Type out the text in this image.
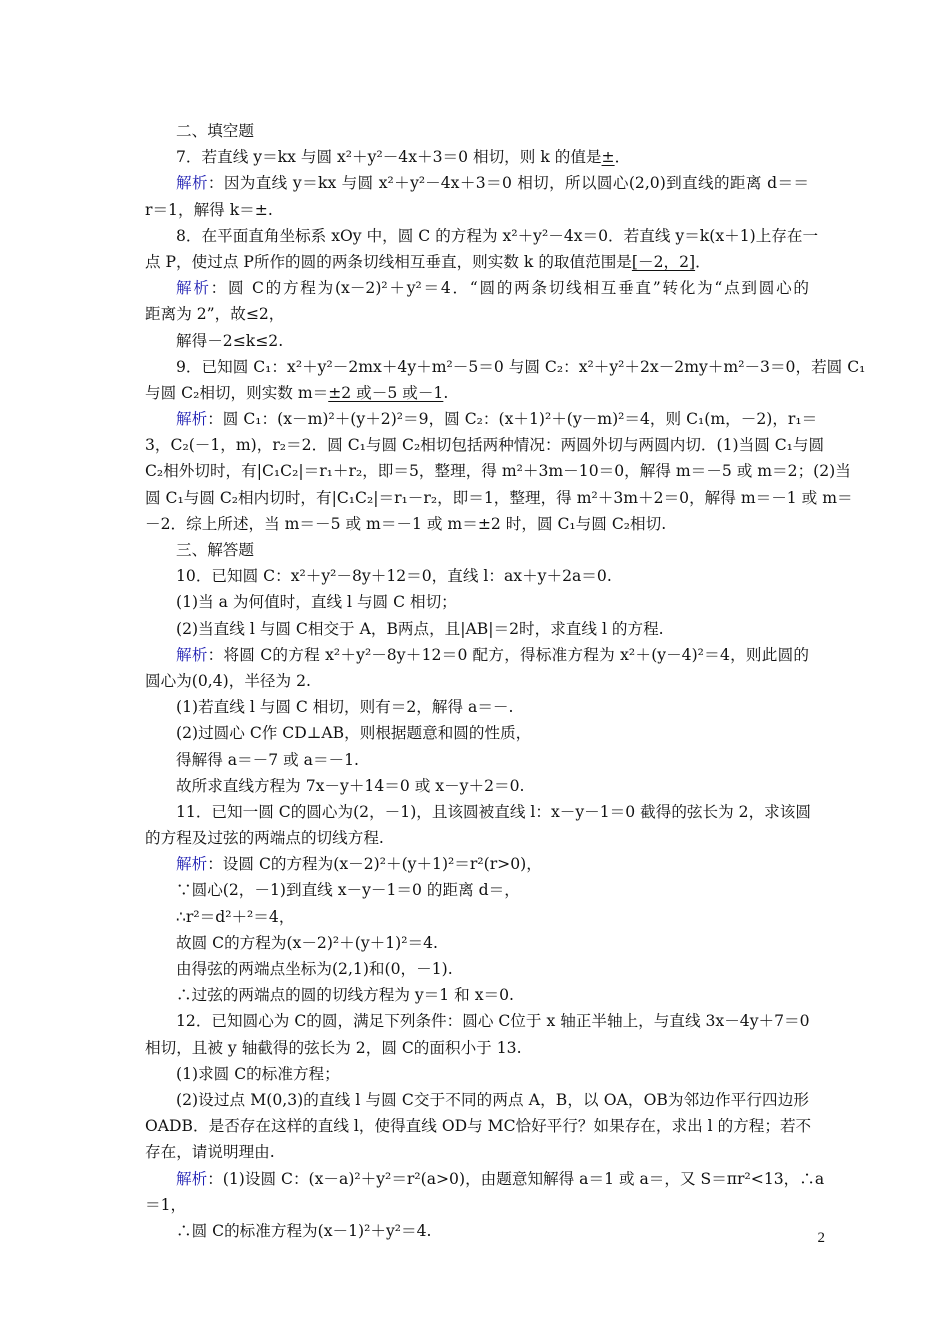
二、填空题
7．若直线 y＝kx 与圆 x²＋y²－4x＋3＝0 相切，则 k 的值是±．
解析：因为直线 y＝kx 与圆 x²＋y²－4x＋3＝0 相切，所以圆心(2,0)到直线的距离 d＝＝
r＝1，解得 k＝±.
8．在平面直角坐标系 xOy 中，圆 C 的方程为 x²＋y²－4x＝0．若直线 y＝k(x＋1)上存在一
点 P，使过点 P所作的圆的两条切线相互垂直，则实数 k 的取值范围是[－2，2]．
解析：圆 C的方程为(x－2)²＋y²＝4．“圆的两条切线相互垂直”转化为“点到圆心的
距离为 2”，故≤2，
解得－2≤k≤2.
9．已知圆 C₁：x²＋y²－2mx＋4y＋m²－5＝0 与圆 C₂：x²＋y²＋2x－2my＋m²－3＝0，若圆 C₁
与圆 C₂相切，则实数 m＝±2 或－5 或－1.
解析：圆 C₁：(x－m)²＋(y＋2)²＝9，圆 C₂：(x＋1)²＋(y－m)²＝4，则 C₁(m，－2)，r₁＝
3，C₂(－1，m)，r₂＝2．圆 C₁与圆 C₂相切包括两种情况：两圆外切与两圆内切．(1)当圆 C₁与圆
C₂相外切时，有|C₁C₂|＝r₁＋r₂，即＝5，整理，得 m²＋3m－10＝0，解得 m＝－5 或 m＝2；(2)当
圆 C₁与圆 C₂相内切时，有|C₁C₂|＝r₁－r₂，即＝1，整理，得 m²＋3m＋2＝0，解得 m＝－1 或 m＝
－2．综上所述，当 m＝－5 或 m＝－1 或 m＝±2 时，圆 C₁与圆 C₂相切.
三、解答题
10．已知圆 C：x²＋y²－8y＋12＝0，直线 l：ax＋y＋2a＝0.
(1)当 a 为何值时，直线 l 与圆 C 相切；
(2)当直线 l 与圆 C相交于 A，B两点，且|AB|＝2时，求直线 l 的方程.
解析：将圆 C的方程 x²＋y²－8y＋12＝0 配方，得标准方程为 x²＋(y－4)²＝4，则此圆的
圆心为(0,4)，半径为 2.
(1)若直线 l 与圆 C 相切，则有＝2，解得 a＝－.
(2)过圆心 C作 CD⊥AB，则根据题意和圆的性质，
得解得 a＝－7 或 a＝－1.
故所求直线方程为 7x－y＋14＝0 或 x－y＋2＝0.
11．已知一圆 C的圆心为(2，－1)，且该圆被直线 l：x－y－1＝0 截得的弦长为 2，求该圆
的方程及过弦的两端点的切线方程.
解析：设圆 C的方程为(x－2)²＋(y＋1)²＝r²(r>0)，
∵圆心(2，－1)到直线 x－y－1＝0 的距离 d＝，
∴r²＝d²＋²＝4，
故圆 C的方程为(x－2)²＋(y＋1)²＝4.
由得弦的两端点坐标为(2,1)和(0，－1).
∴过弦的两端点的圆的切线方程为 y＝1 和 x＝0.
12．已知圆心为 C的圆，满足下列条件：圆心 C位于 x 轴正半轴上，与直线 3x－4y＋7＝0
相切，且被 y 轴截得的弦长为 2，圆 C的面积小于 13.
(1)求圆 C的标准方程；
(2)设过点 M(0,3)的直线 l 与圆 C交于不同的两点 A，B，以 OA，OB为邻边作平行四边形
OADB．是否存在这样的直线 l，使得直线 OD与 MC恰好平行？如果存在，求出 l 的方程；若不
存在，请说明理由.
解析：(1)设圆 C：(x－a)²＋y²＝r²(a>0)，由题意知解得 a＝1 或 a＝，又 S＝πr²<13，∴a
＝1，
∴圆 C的标准方程为(x－1)²＋y²＝4.	2
